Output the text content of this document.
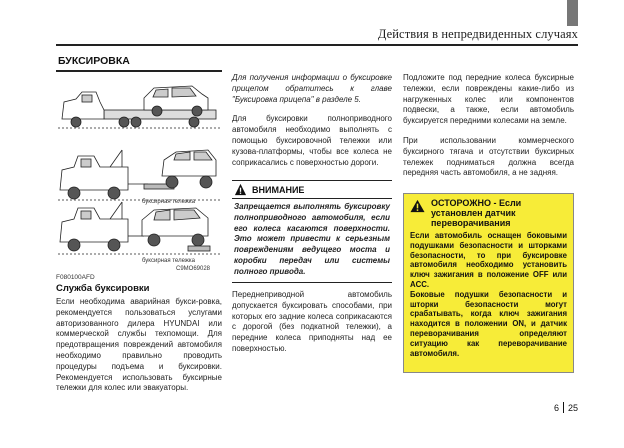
Действия в непредвиденных случаях
БУКСИРОВКА
буксирная тележка
буксирная тележка
C9MO69028
F080100AFD
Служба буксировки

Если необходима аварийная букси-ровка, рекомендуется пользоваться услугами авторизованного дилера HYUNDAI или коммерческой службы техпомощи. Для предотвращения повреждений автомобиля необходимо правильно проводить процедуры подъема и буксировки. Рекомендуется использовать буксирные тележки для колес или эвакуаторы.

Для получения информации о буксировке прицепом обратитесь к главе "Буксировка прицепа" в разделе 5.

Для буксировки полноприводного автомобиля необходимо выполнять с помощью буксировочной тележки или кузова-платформы, чтобы все колеса не соприкасались с поверхностью дороги.

ВНИМАНИЕ
Запрещается выполнять буксировку полноприводного автомобиля, если его колеса касаются поверхности. Это может привести к серьезным повреждениям ведущего моста и коробки передач или системы полного привода.

Переднеприводной автомобиль допускается буксировать способами, при которых его задние колеса соприкасаются с дорогой (без подкатной тележки), а передние колеса приподняты над ее поверхностью.

Подложите под передние колеса буксирные тележки, если повреждены какие-либо из нагруженных колес или компонентов подвески, а также, если автомобиль буксируется передними колесами на земле.

При использовании коммерческого буксирного тягача и отсутствии буксирных тележек подниматься должна всегда передняя часть автомобиля, а не задняя.

ОСТОРОЖНО - Если установлен датчик переворачивания

Если автомобиль оснащен боковыми подушками безопасности и шторками безопасности, то при буксировке автомобиля необходимо установить ключ зажигания в положение OFF или ACC.

Боковые подушки безопасности и шторки безопасности могут срабатывать, когда ключ зажигания находится в положении ON, и датчик переворачивания определяют ситуацию как переворачивание автомобиля.

6 25
